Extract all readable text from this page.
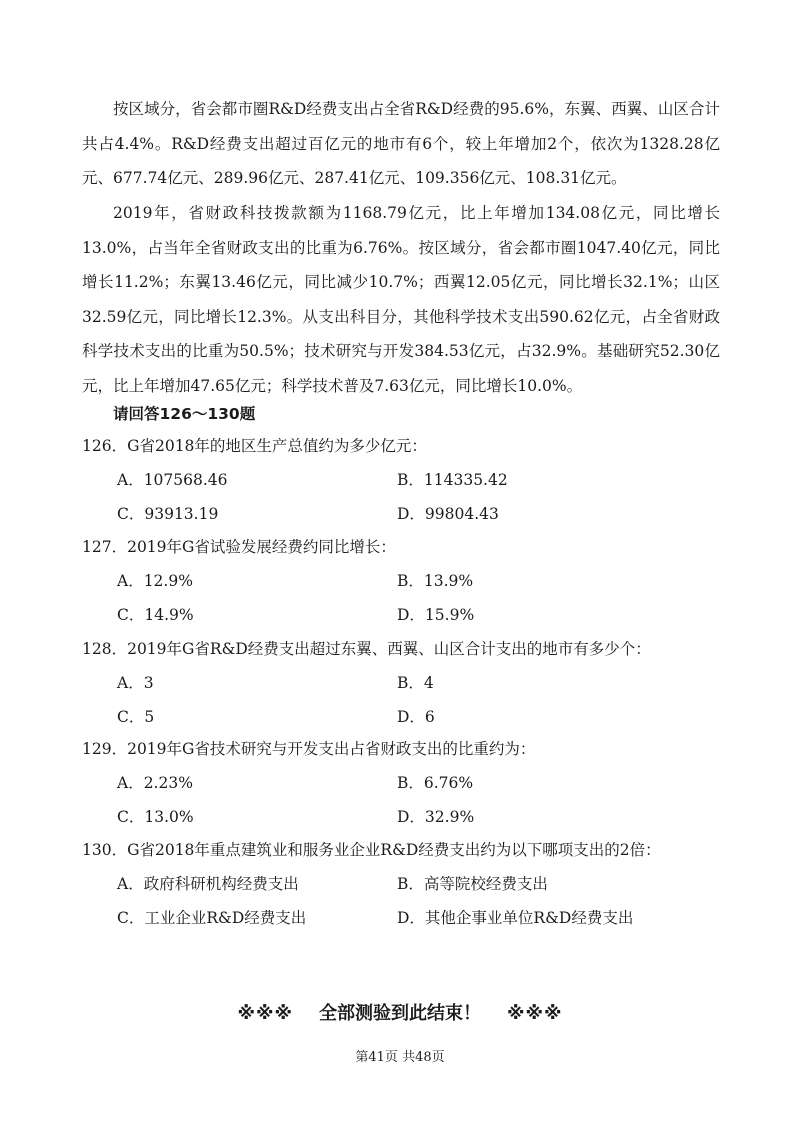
按区域分，省会都市圈R&D经费支出占全省R&D经费的95.6%，东翼、西翼、山区合计共占4.4%。R&D经费支出超过百亿元的地市有6个，较上年增加2个，依次为1328.28亿元、677.74亿元、289.96亿元、287.41亿元、109.356亿元、108.31亿元。

2019年，省财政科技拨款额为1168.79亿元，比上年增加134.08亿元，同比增长13.0%，占当年全省财政支出的比重为6.76%。按区域分，省会都市圈1047.40亿元，同比增长11.2%；东翼13.46亿元，同比减少10.7%；西翼12.05亿元，同比增长32.1%；山区32.59亿元，同比增长12.3%。从支出科目分，其他科学技术支出590.62亿元，占全省财政科学技术支出的比重为50.5%；技术研究与开发384.53亿元，占32.9%。基础研究52.30亿元，比上年增加47.65亿元；科学技术普及7.63亿元，同比增长10.0%。

请回答126～130题
126．G省2018年的地区生产总值约为多少亿元：
A．107568.46	B．114335.42
C．93913.19	D．99804.43
127．2019年G省试验发展经费约同比增长：
A．12.9%	B．13.9%
C．14.9%	D．15.9%
128．2019年G省R&D经费支出超过东翼、西翼、山区合计支出的地市有多少个：
A．3	B．4
C．5	D．6
129．2019年G省技术研究与开发支出占省财政支出的比重约为：
A．2.23%	B．6.76%
C．13.0%	D．32.9%
130．G省2018年重点建筑业和服务业企业R&D经费支出约为以下哪项支出的2倍：
A．政府科研机构经费支出	B．高等院校经费支出
C．工业企业R&D经费支出	D．其他企事业单位R&D经费支出
※※※ 全部测验到此结束！ ※※※
第41页 共48页
